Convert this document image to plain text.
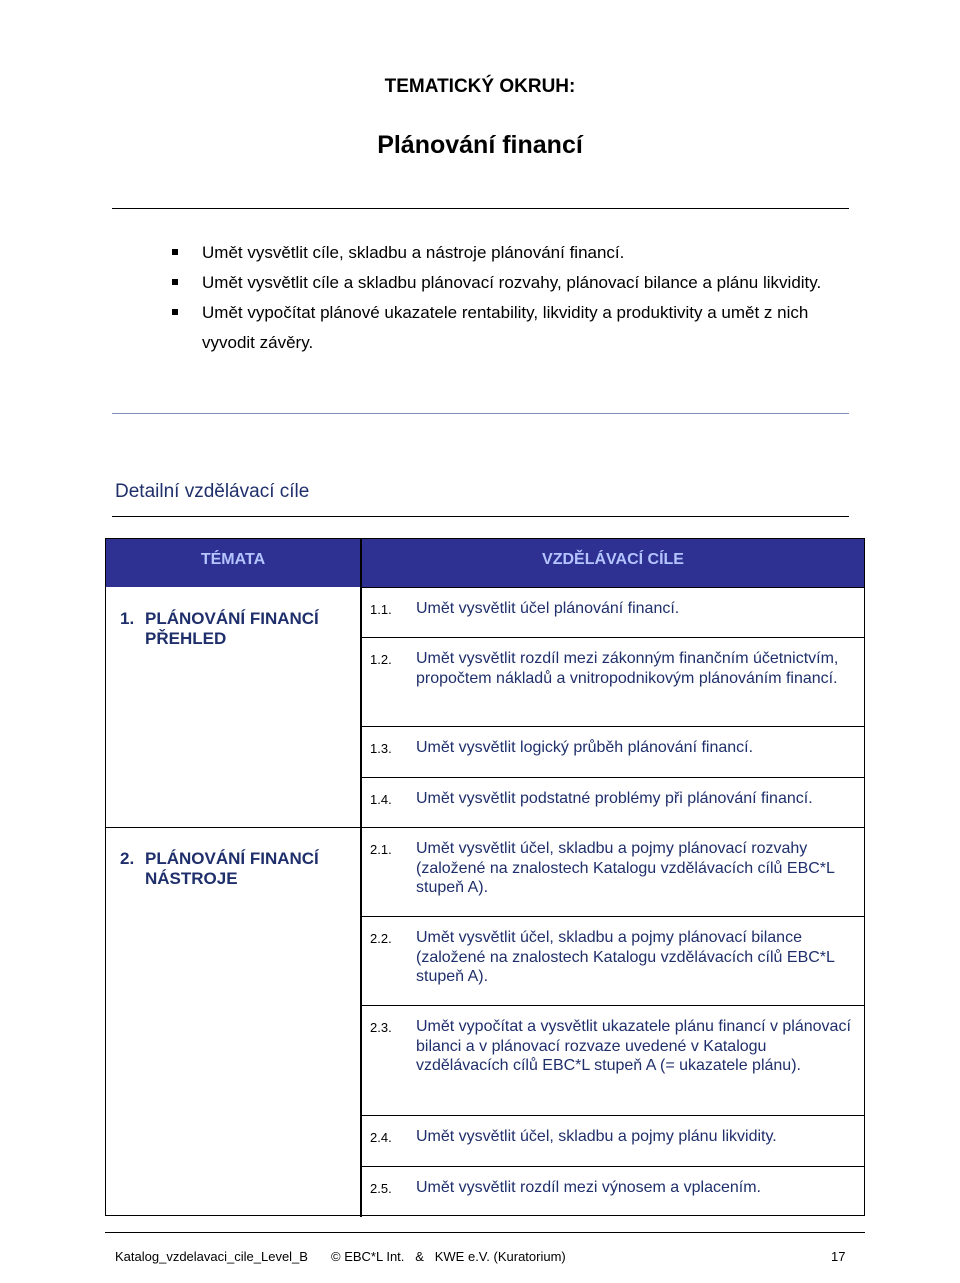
TEMATICKÝ OKRUH:
Plánování financí
Umět vysvětlit cíle, skladbu a nástroje plánování financí.
Umět vysvětlit cíle a skladbu plánovací rozvahy, plánovací bilance a plánu likvidity.
Umět vypočítat plánové ukazatele rentability, likvidity a produktivity a umět z nich vyvodit závěry.
Detailní vzdělávací cíle
TÉMATA	VZDĚLÁVACÍ CÍLE
1. PLÁNOVÁNÍ FINANCÍ PŘEHLED
2. PLÁNOVÁNÍ FINANCÍ NÁSTROJE
1.1. Umět vysvětlit účel plánování financí.
1.2. Umět vysvětlit rozdíl mezi zákonným finančním účetnictvím, propočtem nákladů a vnitropodnikovým plánováním financí.
1.3. Umět vysvětlit logický průběh plánování financí.
1.4. Umět vysvětlit podstatné problémy při plánování financí.
2.1. Umět vysvětlit účel, skladbu a pojmy plánovací rozvahy (založené na znalostech Katalogu vzdělávacích cílů EBC*L stupeň A).
2.2. Umět vysvětlit účel, skladbu a pojmy plánovací bilance (založené na znalostech Katalogu vzdělávacích cílů EBC*L stupeň A).
2.3. Umět vypočítat a vysvětlit ukazatele plánu financí v plánovací bilanci a v plánovací rozvaze uvedené v Katalogu vzdělávacích cílů EBC*L stupeň A (= ukazatele plánu).
2.4. Umět vysvětlit účel, skladbu a pojmy plánu likvidity.
2.5. Umět vysvětlit rozdíl mezi výnosem a vplacením.
Katalog_vzdelavaci_cile_Level_B © EBC*L Int.   &   KWE e.V. (Kuratorium)	17
